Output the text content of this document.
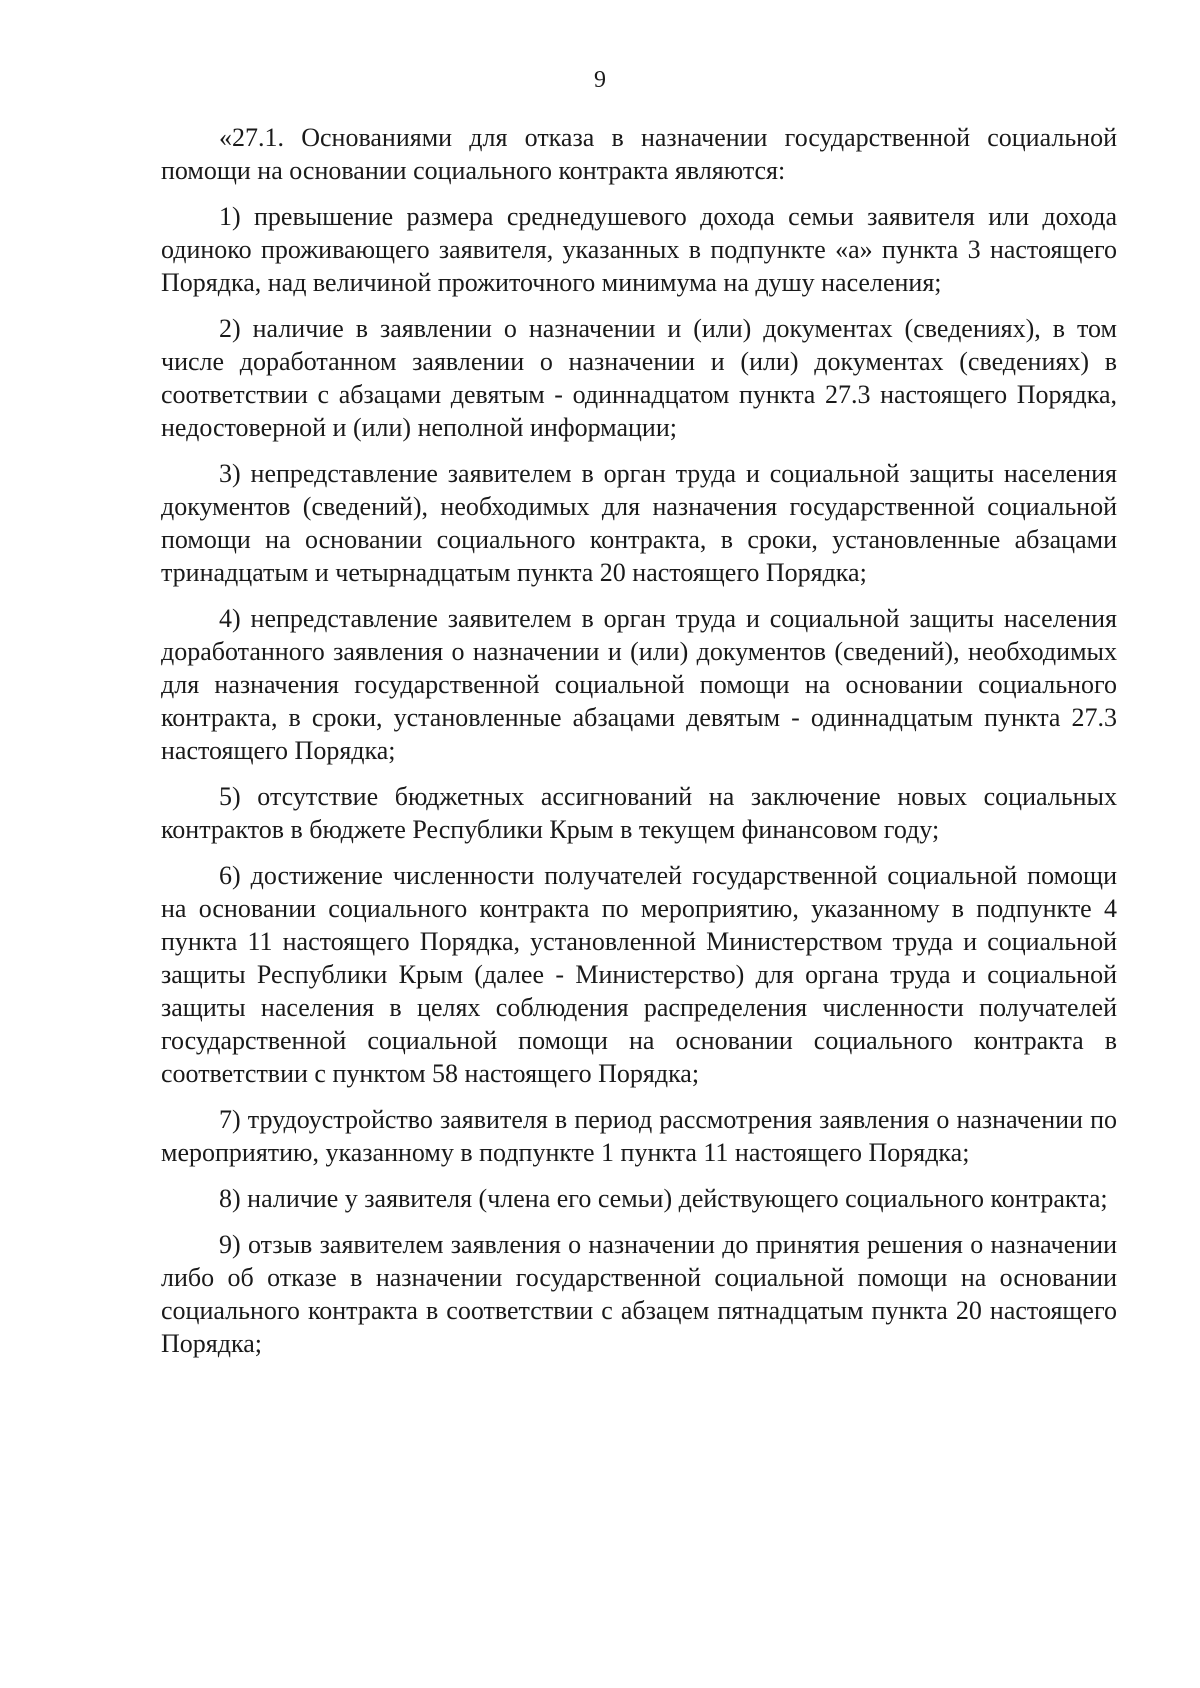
9

«27.1. Основаниями для отказа в назначении государственной социальной помощи на основании социального контракта являются:

1) превышение размера среднедушевого дохода семьи заявителя или дохода одиноко проживающего заявителя, указанных в подпункте «а» пункта 3 настоящего Порядка, над величиной прожиточного минимума на душу населения;

2) наличие в заявлении о назначении и (или) документах (сведениях), в том числе доработанном заявлении о назначении и (или) документах (сведениях) в соответствии с абзацами девятым - одиннадцатом пункта 27.3 настоящего Порядка, недостоверной и (или) неполной информации;

3) непредставление заявителем в орган труда и социальной защиты населения документов (сведений), необходимых для назначения государственной социальной помощи на основании социального контракта, в сроки, установленные абзацами тринадцатым и четырнадцатым пункта 20 настоящего Порядка;

4) непредставление заявителем в орган труда и социальной защиты населения доработанного заявления о назначении и (или) документов (сведений), необходимых для назначения государственной социальной помощи на основании социального контракта, в сроки, установленные абзацами девятым - одиннадцатым пункта 27.3 настоящего Порядка;

5) отсутствие бюджетных ассигнований на заключение новых социальных контрактов в бюджете Республики Крым в текущем финансовом году;

6) достижение численности получателей государственной социальной помощи на основании социального контракта по мероприятию, указанному в подпункте 4 пункта 11 настоящего Порядка, установленной Министерством труда и социальной защиты Республики Крым (далее - Министерство) для органа труда и социальной защиты населения в целях соблюдения распределения численности получателей государственной социальной помощи на основании социального контракта в соответствии с пунктом 58 настоящего Порядка;

7) трудоустройство заявителя в период рассмотрения заявления о назначении по мероприятию, указанному в подпункте 1 пункта 11 настоящего Порядка;

8) наличие у заявителя (члена его семьи) действующего социального контракта;

9) отзыв заявителем заявления о назначении до принятия решения о назначении либо об отказе в назначении государственной социальной помощи на основании социального контракта в соответствии с абзацем пятнадцатым пункта 20 настоящего Порядка;
